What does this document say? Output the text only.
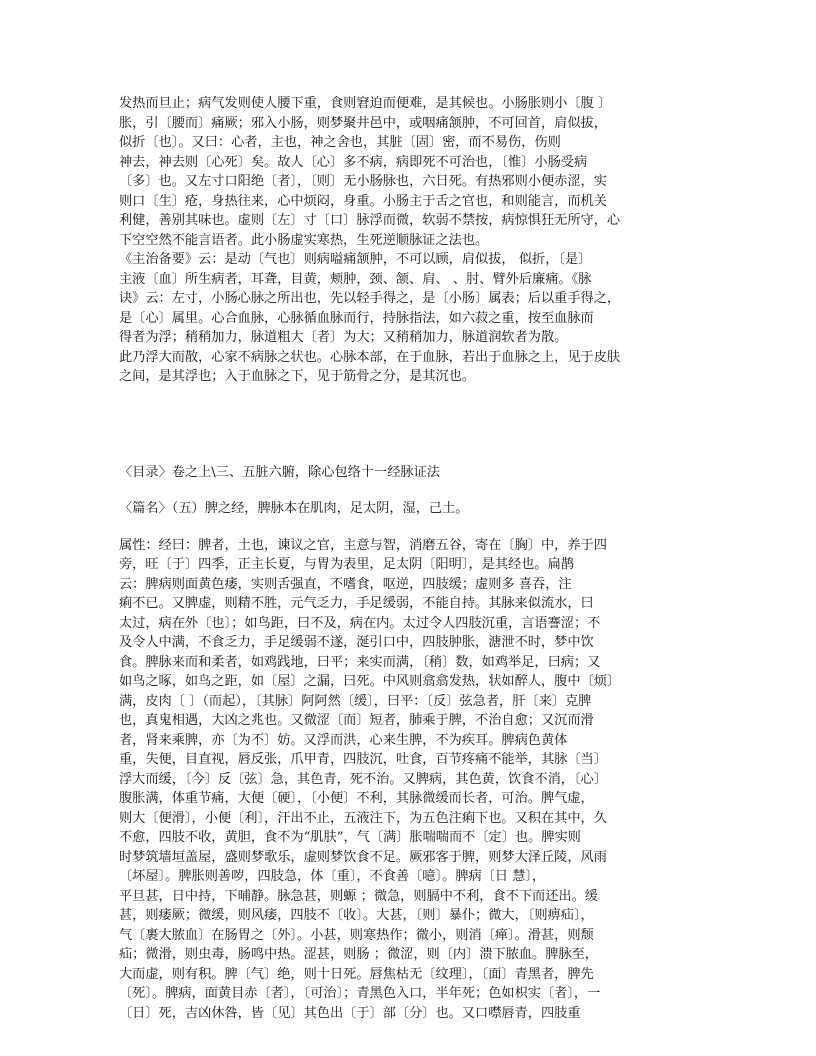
发热而旦止；病气发则使人腰下重，食则窘迫而便难，是其候也。小肠胀则小〔腹 〕
胀，引〔腰而〕痛厥；邪入小肠，则梦聚井邑中，或咽痛颔肿，不可回首，肩似拔，
似折〔也〕。又曰：心者，主也，神之舍也，其脏〔固〕密，而不易伤，伤则
神去，神去则〔心死〕矣。故人〔心〕多不病，病即死不可治也，〔惟〕小肠受病
〔多〕也。又左寸口阳绝〔者〕，〔则〕无小肠脉也，六日死。有热邪则小便赤涩，实
则口〔生〕疮，身热往来，心中烦闷，身重。小肠主于舌之官也，和则能言，而机关
利健，善别其味也。虚则〔左〕寸〔口〕脉浮而微，软弱不禁按，病惊惧狂无所守，心
下空空然不能言语者。此小肠虚实寒热，生死逆顺脉证之法也。
《主治备要》云：是动〔气也〕则病嗌痛颔肿，不可以顾，肩似拔， 似折，〔是〕
主液〔血〕所生病者，耳聋，目黄，颊肿，颈、颔、肩、 、肘、臂外后廉痛。《脉
诀》云：左寸，小肠心脉之所出也，先以轻手得之，是〔小肠〕属表；后以重手得之，
是〔心〕属里。心合血脉，心脉循血脉而行，持脉指法，如六菽之重，按至血脉而
得者为浮；稍稍加力，脉道粗大〔者〕为大；又稍稍加力，脉道润软者为散。
此乃浮大而散，心家不病脉之状也。心脉本部，在于血脉，若出于血脉之上，见于皮肤
之间，是其浮也；入于血脉之下，见于筋骨之分，是其沉也。
〈目录〉卷之上\三、五脏六腑，除心包络十一经脉证法
〈篇名〉（五）脾之经，脾脉本在肌肉，足太阴，湿，己土。
属性：经曰：脾者，土也，谏议之官，主意与智，消磨五谷，寄在〔胸〕中，养于四
旁，旺〔于〕四季，正主长夏，与胃为表里，足太阴〔阳明〕，是其经也。扁鹊
云：脾病则面黄色痿，实则舌强直，不嗜食，呕逆，四肢缓；虚则多 喜吞，注
痢不已。又脾虚，则精不胜，元气乏力，手足缓弱，不能自持。其脉来似流水，曰
太过，病在外〔也〕；如鸟距，曰不及，病在内。太过令人四肢沉重，言语謇涩；不
及令人中满，不食乏力，手足缓弱不遂，涎引口中，四肢肿胀，溏泄不时，梦中饮
食。脾脉来而和柔者，如鸡践地，曰平；来实而满，〔稍〕数，如鸡举足，曰病；又
如鸟之啄，如鸟之距，如〔屋〕之漏，曰死。中风则翕翕发热，状如醉人，腹中〔烦〕
满，皮肉〔 〕（而起），〔其脉〕阿阿然〔缓〕，曰平：〔反〕弦急者，肝〔来〕克脾
也，真鬼相遇，大凶之兆也。又微涩〔而〕短者，肺乘于脾，不治自愈；又沉而滑
者，肾来乘脾，亦〔为不〕妨。又浮而洪，心来生脾，不为疾耳。脾病色黄体
重，失便，目直视，唇反张，爪甲青，四肢沉，吐食，百节疼痛不能举，其脉〔当〕
浮大而缓，〔今〕反〔弦〕急，其色青，死不治。又脾病，其色黄，饮食不消，〔心〕
腹胀满，体重节痛，大便〔硬〕，〔小便〕不利，其脉微缓而长者，可治。脾气虚，
则大〔便滑〕，小便〔利〕，汗出不止，五液注下，为五色注痢下也。又积在其中，久
不愈，四肢不收，黄胆，食不为“肌肤”，气〔满〕胀喘喘而不〔定〕也。脾实则
时梦筑墙垣盖屋，盛则梦歌乐，虚则梦饮食不足。厥邪客于脾，则梦大泽丘陵，风雨
〔坏屋〕。脾胀则善哕，四肢急，体〔重〕，不食善〔噫〕。脾病〔日 慧〕，
平旦甚，日中持，下晡静。脉急甚，则螈 ；微急，则膈中不利，食不下而还出。缓
甚，则痿厥；微缓，则风痿，四肢不〔收〕。大甚，〔则〕暴仆；微大，〔则痹疝〕，
气〔裹大脓血〕在肠胃之〔外〕。小甚，则寒热作；微小，则消〔瘅〕。滑甚，则颓
疝；微滑，则虫毒，肠鸣中热。涩甚，则肠 ；微涩，则〔内〕溃下脓血。脾脉至，
大而虚，则有积。脾〔气〕绝，则十日死。唇焦枯无〔纹理〕，〔面〕青黑者，脾先
〔死〕。脾病，面黄目赤〔者〕，〔可治〕；青黑色入口，半年死；色如枳实〔者〕，一
〔日〕死，吉凶休咎，皆〔见〕其色出〔于〕部〔分〕也。又口噤唇青，四肢重
